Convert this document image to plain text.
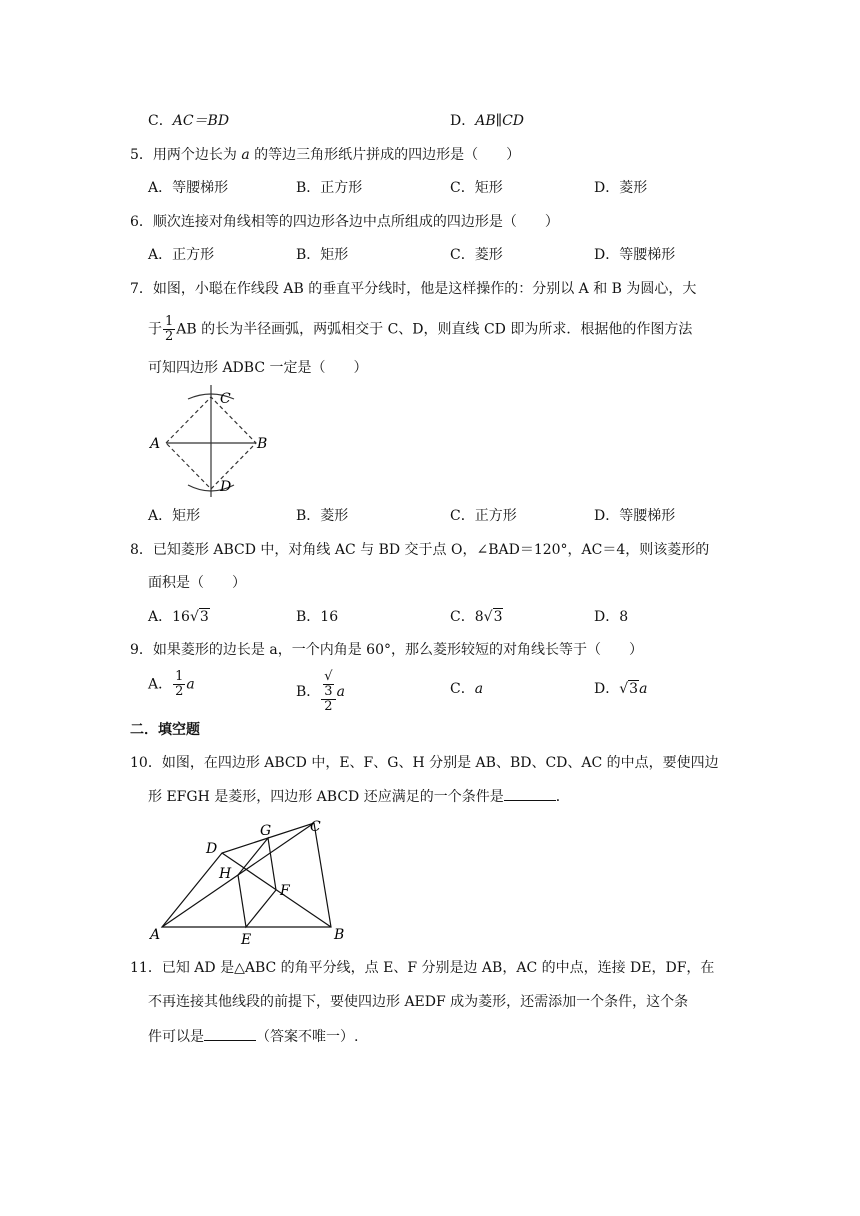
C．AC＝BD	D．AB∥CD
5．用两个边长为 a 的等边三角形纸片拼成的四边形是（　　）
A．等腰梯形	B．正方形	C．矩形	D．菱形
6．顺次连接对角线相等的四边形各边中点所组成的四边形是（　　）
A．正方形	B．矩形	C．菱形	D．等腰梯形
7．如图，小聪在作线段 AB 的垂直平分线时，他是这样操作的：分别以 A 和 B 为圆心，大
于 $\frac{1}{2}$ AB 的长为半径画弧，两弧相交于 C、D，则直线 CD 即为所求．根据他的作图方法
可知四边形 ADBC 一定是（　　）
A	B
C
D
A．矩形	B．菱形	C．正方形	D．等腰梯形
8．已知菱形 ABCD 中，对角线 AC 与 BD 交于点 O，∠BAD＝120°，AC＝4，则该菱形的
面积是（　　）
A．16√3	B．16	C．8√3	D．8
9．如果菱形的边长是 a，一个内角是 60°，那么菱形较短的对角线长等于（　　）
A． $\frac{1}{2}$ a	B． √
3
2 a	C．a	D．√3a
二．填空题
10．如图，在四边形 ABCD 中，E、F、G、H 分别是 AB、BD、CD、AC 的中点，要使四边
形 EFGH 是菱形，四边形 ABCD 还应满足的一个条件是	．
A	B
C
D
E
F
G
H
11．已知 AD 是△ABC 的角平分线，点 E、F 分别是边 AB，AC 的中点，连接 DE，DF，在
不再连接其他线段的前提下，要使四边形 AEDF 成为菱形，还需添加一个条件，这个条
件可以是	（答案不唯一）.
